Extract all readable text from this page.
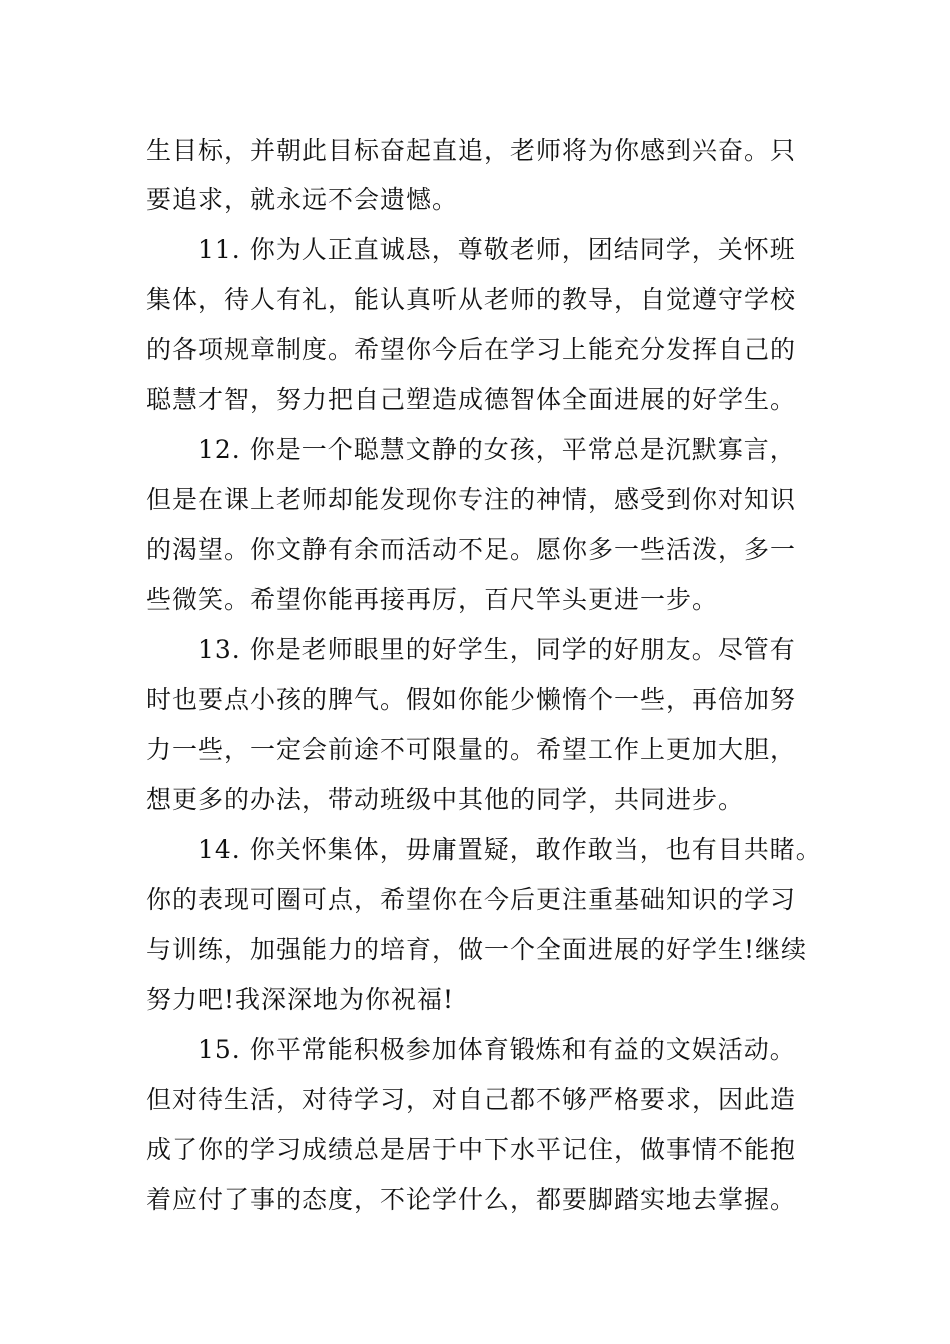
生目标，并朝此目标奋起直追，老师将为你感到兴奋。只
要追求，就永远不会遗憾。
11. 你为人正直诚恳，尊敬老师，团结同学，关怀班
集体，待人有礼，能认真听从老师的教导，自觉遵守学校
的各项规章制度。希望你今后在学习上能充分发挥自己的
聪慧才智，努力把自己塑造成德智体全面进展的好学生。
12. 你是一个聪慧文静的女孩，平常总是沉默寡言，
但是在课上老师却能发现你专注的神情，感受到你对知识
的渴望。你文静有余而活动不足。愿你多一些活泼，多一
些微笑。希望你能再接再厉，百尺竿头更进一步。
13. 你是老师眼里的好学生，同学的好朋友。尽管有
时也要点小孩的脾气。假如你能少懒惰个一些，再倍加努
力一些，一定会前途不可限量的。希望工作上更加大胆，
想更多的办法，带动班级中其他的同学，共同进步。
14. 你关怀集体，毋庸置疑，敢作敢当，也有目共睹。
你的表现可圈可点，希望你在今后更注重基础知识的学习
与训练，加强能力的培育，做一个全面进展的好学生!继续
努力吧!我深深地为你祝福!
15. 你平常能积极参加体育锻炼和有益的文娱活动。
但对待生活，对待学习，对自己都不够严格要求，因此造
成了你的学习成绩总是居于中下水平记住，做事情不能抱
着应付了事的态度，不论学什么，都要脚踏实地去掌握。
